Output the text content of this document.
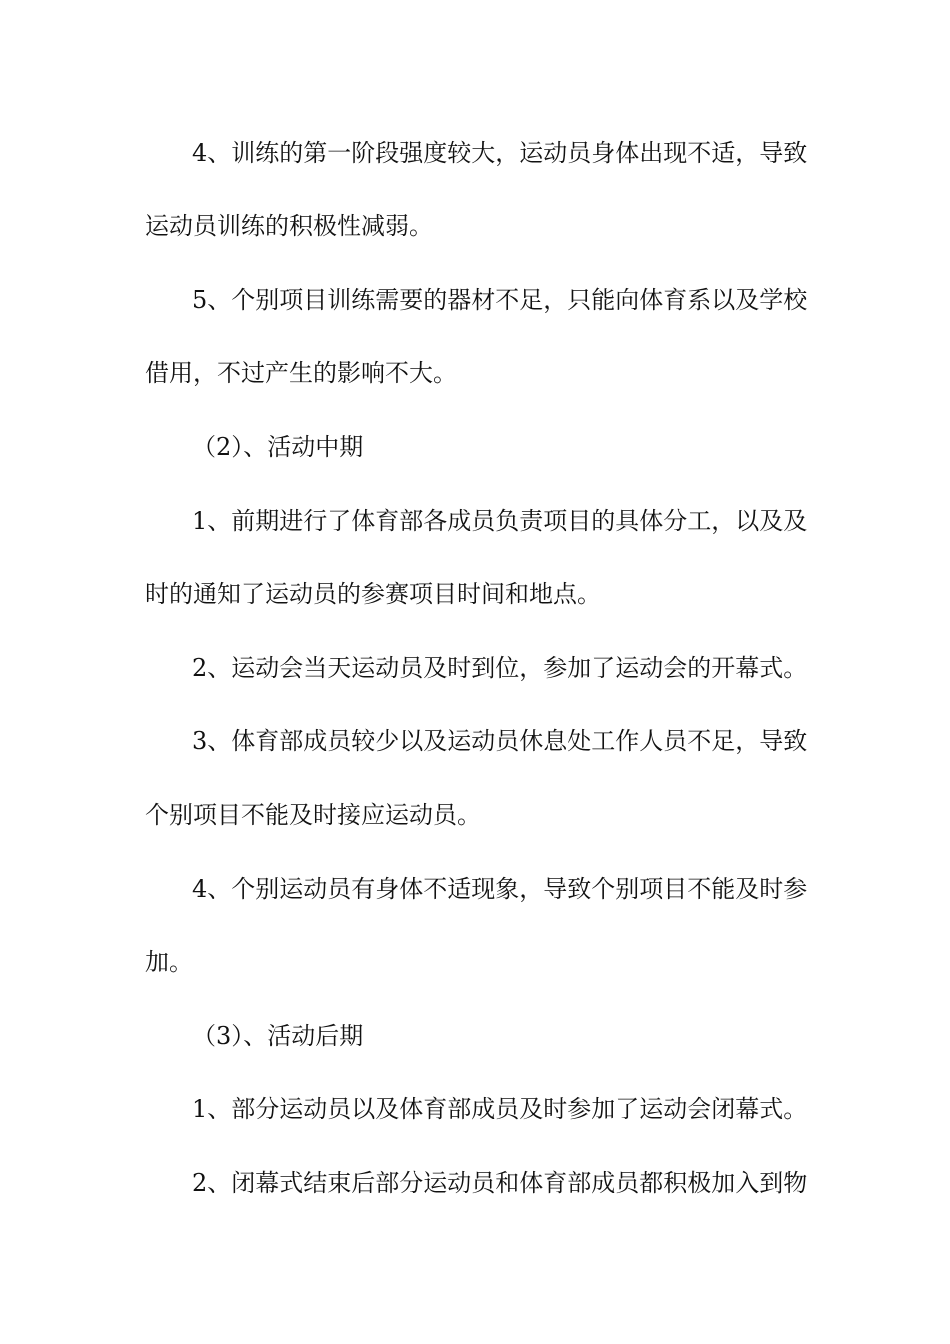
4、训练的第一阶段强度较大，运动员身体出现不适，导致
运动员训练的积极性减弱。
5、个别项目训练需要的器材不足，只能向体育系以及学校
借用，不过产生的影响不大。
（2）、活动中期
1、前期进行了体育部各成员负责项目的具体分工，以及及
时的通知了运动员的参赛项目时间和地点。
2、运动会当天运动员及时到位，参加了运动会的开幕式。
3、体育部成员较少以及运动员休息处工作人员不足，导致
个别项目不能及时接应运动员。
4、个别运动员有身体不适现象，导致个别项目不能及时参
加。
（3）、活动后期
1、部分运动员以及体育部成员及时参加了运动会闭幕式。
2、闭幕式结束后部分运动员和体育部成员都积极加入到物
